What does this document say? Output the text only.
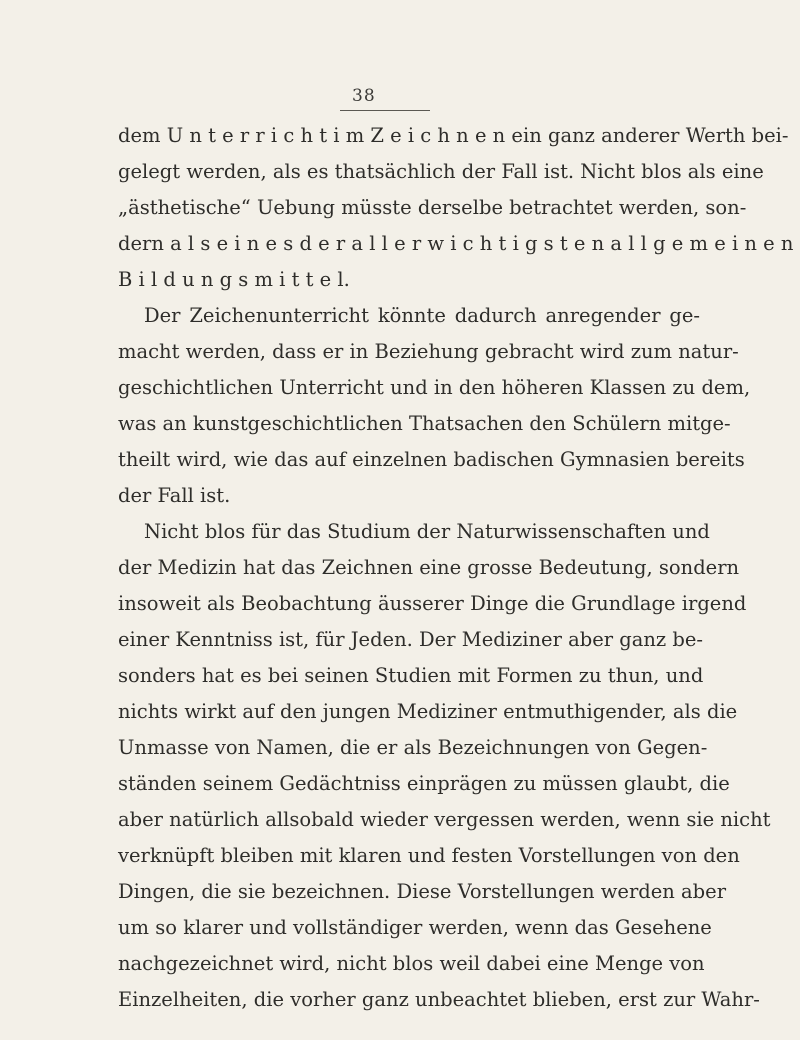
38
dem U n t e r r i c h t i m Z e i c h n e n ein ganz anderer Werth bei-
gelegt werden, als es thatsächlich der Fall ist. Nicht blos als eine
„ästhetische“ Uebung müsste derselbe betrachtet werden, son-
dern a l s e i n e s d e r a l l e r w i c h t i g s t e n a l l g e m e i n e n
B i l d u n g s m i t t e l.
Der Zeichenunterricht könnte dadurch anregender ge-
macht werden, dass er in Beziehung gebracht wird zum natur-
geschichtlichen Unterricht und in den höheren Klassen zu dem,
was an kunstgeschichtlichen Thatsachen den Schülern mitge-
theilt wird, wie das auf einzelnen badischen Gymnasien bereits
der Fall ist.
Nicht blos für das Studium der Naturwissenschaften und
der Medizin hat das Zeichnen eine grosse Bedeutung, sondern
insoweit als Beobachtung äusserer Dinge die Grundlage irgend
einer Kenntniss ist, für Jeden. Der Mediziner aber ganz be-
sonders hat es bei seinen Studien mit Formen zu thun, und
nichts wirkt auf den jungen Mediziner entmuthigender, als die
Unmasse von Namen, die er als Bezeichnungen von Gegen-
ständen seinem Gedächtniss einprägen zu müssen glaubt, die
aber natürlich allsobald wieder vergessen werden, wenn sie nicht
verknüpft bleiben mit klaren und festen Vorstellungen von den
Dingen, die sie bezeichnen. Diese Vorstellungen werden aber
um so klarer und vollständiger werden, wenn das Gesehene
nachgezeichnet wird, nicht blos weil dabei eine Menge von
Einzelheiten, die vorher ganz unbeachtet blieben, erst zur Wahr-
